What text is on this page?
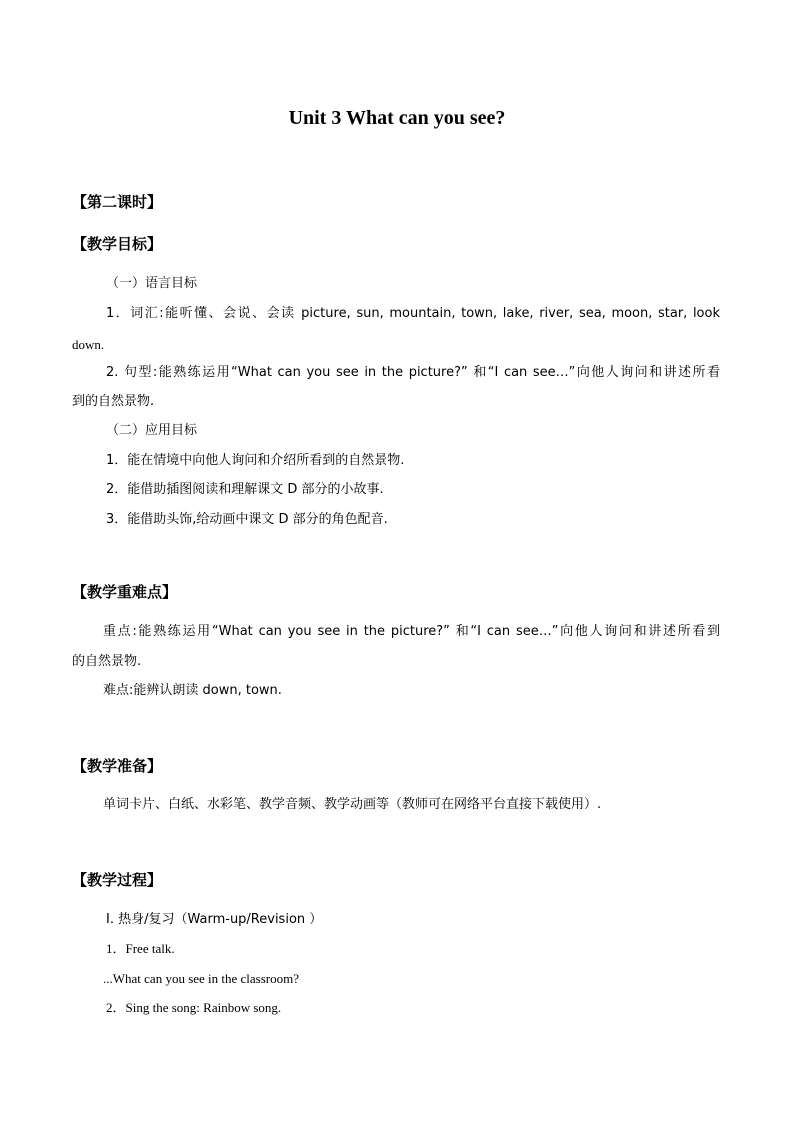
Unit 3 What can you see?
【第二课时】
【教学目标】
（一）语言目标
1．词汇:能听懂、会说、会读 picture, sun, mountain, town, lake, river, sea, moon, star, look
down.
2. 句型:能熟练运用“What can you see in the picture?” 和“I can see…”向他人询问和讲述所看
到的自然景物.
（二）应用目标
1．能在情境中向他人询问和介绍所看到的自然景物.
2．能借助插图阅读和理解课文 D 部分的小故事.
3．能借助头饰,给动画中课文 D 部分的角色配音.
【教学重难点】
重点:能熟练运用“What can you see in the picture?” 和“I can see…”向他人询问和讲述所看到
的自然景物.
难点:能辨认朗读 down, town.
【教学准备】
单词卡片、白纸、水彩笔、教学音频、教学动画等（教师可在网络平台直接下载使用）.
【教学过程】
I. 热身/复习（Warm-up/Revision ）
1．Free talk.
...What can you see in the classroom?
2．Sing the song: Rainbow song.
